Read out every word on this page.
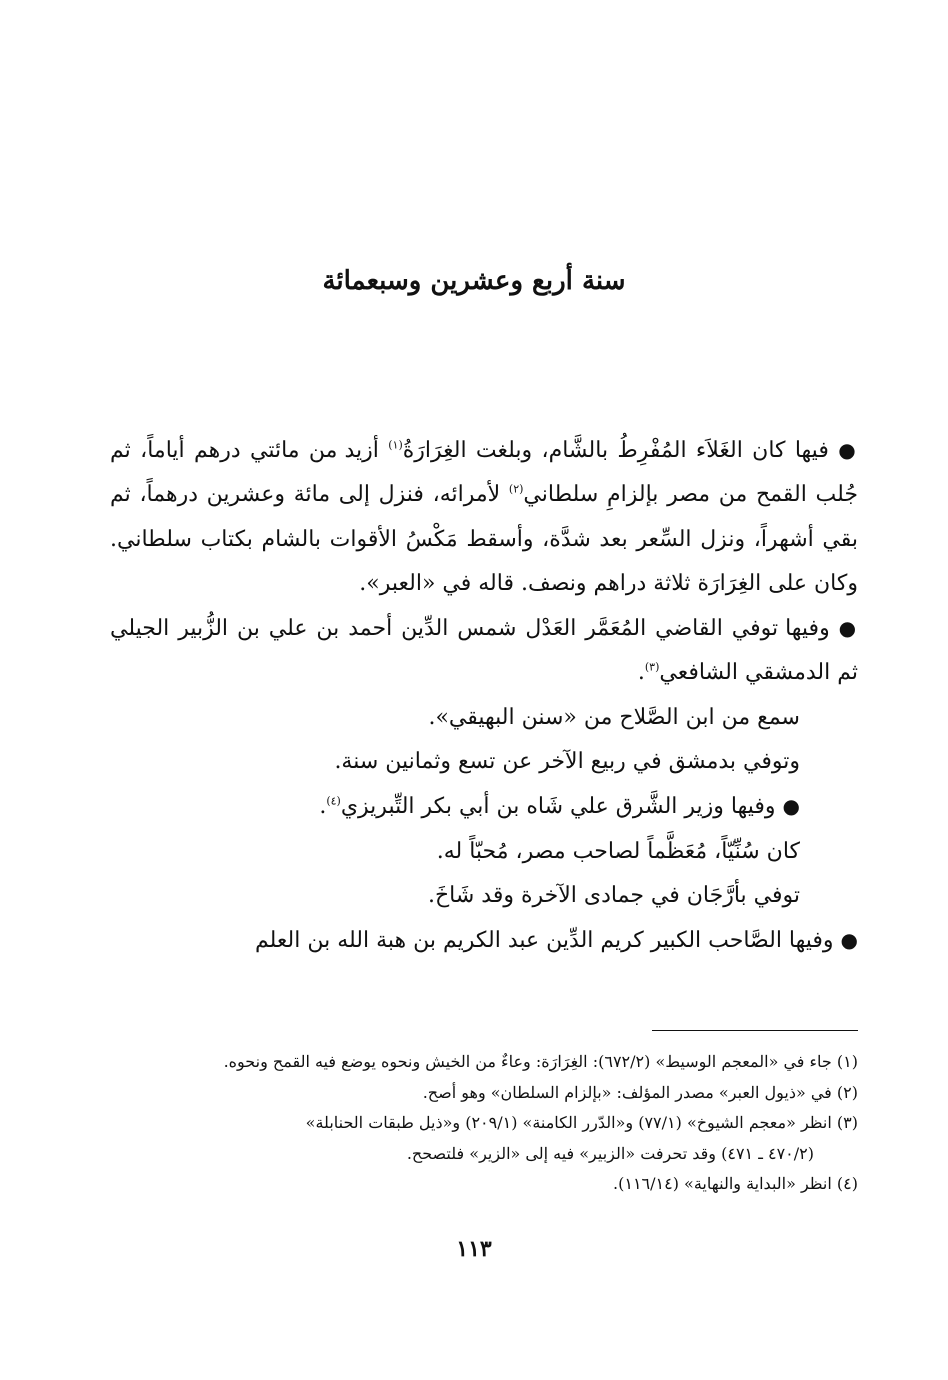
سنة أربع وعشرين وسبعمائة

● فيها كان الغَلاَء المُفْرِطُ بالشَّام، وبلغت الغِرَارَةُ$^{(١)}$ أزيد من مائتي درهم أياماً، ثم جُلب القمح من مصر بإلزامِ سلطاني$^{(٢)}$ لأمرائه، فنزل إلى مائة وعشرين درهماً، ثم بقي أشهراً، ونزل السِّعر بعد شدَّة، وأسقط مَكْسُ الأقوات بالشام بكتاب سلطاني. وكان على الغِرَارَة ثلاثة دراهم ونصف. قاله في «العبر».

● وفيها توفي القاضي المُعَمَّر العَدْل شمس الدِّين أحمد بن علي بن الزُّبير الجيلي ثم الدمشقي الشافعي$^{(٣)}$.

سمع من ابن الصَّلاح من «سنن البهيقي».

وتوفي بدمشق في ربيع الآخر عن تسع وثمانين سنة.

● وفيها وزير الشَّرق علي شَاه بن أبي بكر التِّبريزي$^{(٤)}$.

كان سُنِّيّاً، مُعَظَّماً لصاحب مصر، مُحبّاً له.

توفي بأرَّجَان في جمادى الآخرة وقد شَاخَ.

● وفيها الصَّاحب الكبير كريم الدِّين عبد الكريم بن هبة الله بن العلم

(١) جاء في «المعجم الوسيط» (٦٧٢/٢): الغِرَارَة: وعاءٌ من الخيش ونحوه يوضع فيه القمح ونحوه.

(٢) في «ذيول العبر» مصدر المؤلف: «بإلزام السلطان» وهو أصح.

(٣) انظر «معجم الشيوخ» (٧٧/١) و«الدّرر الكامنة» (٢٠٩/١) و«ذيل طبقات الحنابلة»

(٤٧٠/٢ ـ ٤٧١) وقد تحرفت «الزبير» فيه إلى «الزير» فلتصحح.

(٤) انظر «البداية والنهاية» (١١٦/١٤).

١١٣
